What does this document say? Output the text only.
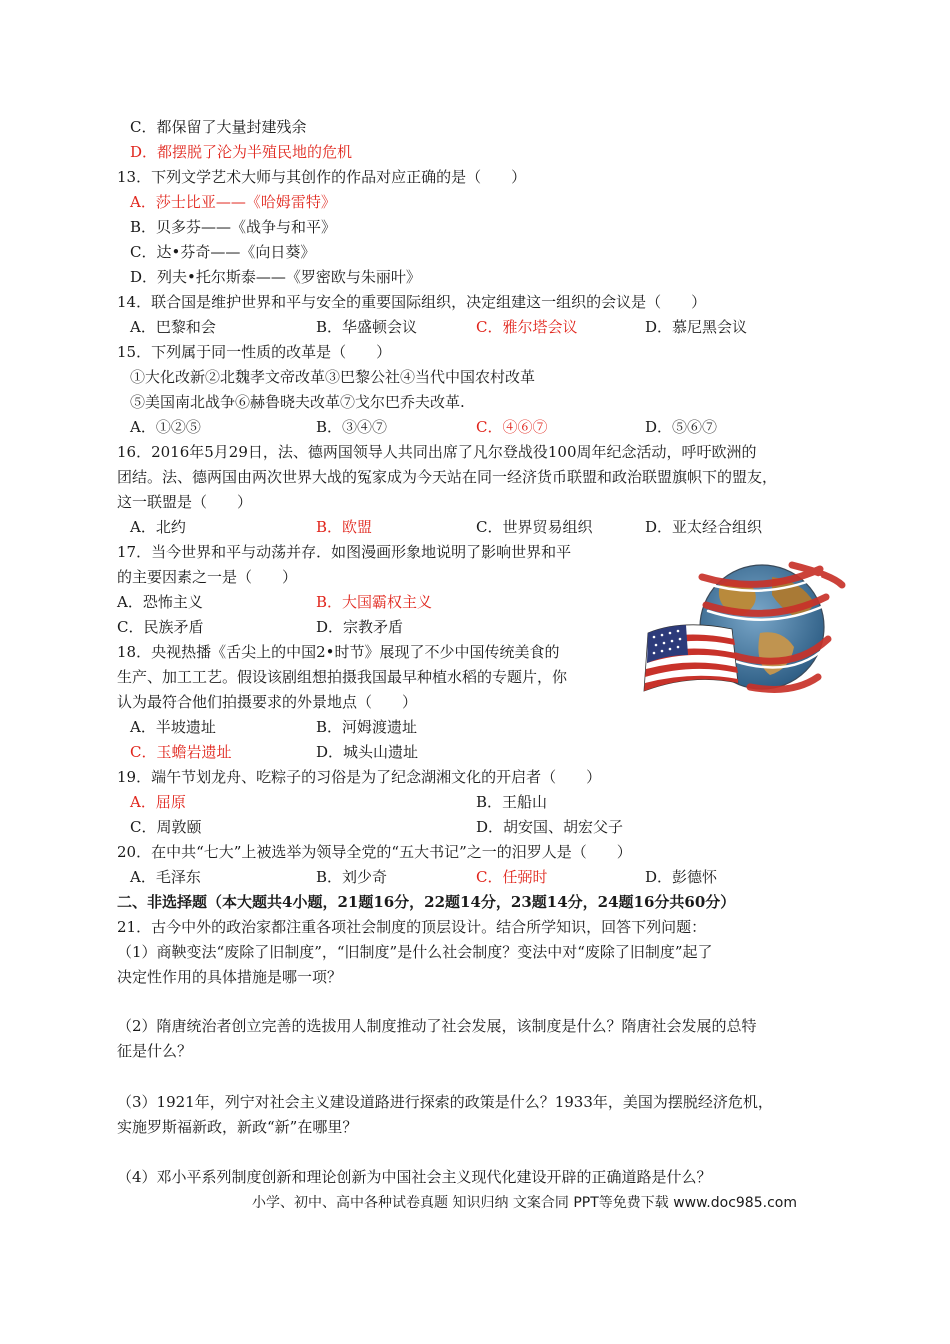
C．都保留了大量封建残余
D．都摆脱了沦为半殖民地的危机
13．下列文学艺术大师与其创作的作品对应正确的是（　　）
A．莎士比亚——《哈姆雷特》
B．贝多芬——《战争与和平》
C．达•芬奇——《向日葵》
D．列夫•托尔斯泰——《罗密欧与朱丽叶》
14．联合国是维护世界和平与安全的重要国际组织，决定组建这一组织的会议是（　　）
A．巴黎和会	B．华盛顿会议	C．雅尔塔会议	D．慕尼黑会议
15．下列属于同一性质的改革是（　　）
①大化改新②北魏孝文帝改革③巴黎公社④当代中国农村改革
⑤美国南北战争⑥赫鲁晓夫改革⑦戈尔巴乔夫改革.
A．①②⑤	B．③④⑦	C．④⑥⑦	D．⑤⑥⑦
16．2016年5月29日，法、德两国领导人共同出席了凡尔登战役100周年纪念活动，呼吁欧洲的
团结。法、德两国由两次世界大战的冤家成为今天站在同一经济货币联盟和政治联盟旗帜下的盟友，
这一联盟是（　　）
A．北约	B．欧盟	C．世界贸易组织	D．亚太经合组织
17．当今世界和平与动荡并存．如图漫画形象地说明了影响世界和平
的主要因素之一是（　　）
A．恐怖主义	B．大国霸权主义
C．民族矛盾	D．宗教矛盾
18．央视热播《舌尖上的中国2•时节》展现了不少中国传统美食的
生产、加工工艺。假设该剧组想拍摄我国最早种植水稻的专题片，你
认为最符合他们拍摄要求的外景地点（　　）
A．半坡遗址	B．河姆渡遗址
C．玉蟾岩遗址	D．城头山遗址
19．端午节划龙舟、吃粽子的习俗是为了纪念湖湘文化的开启者（　　）
A．屈原	B．王船山
C．周敦颐	D．胡安国、胡宏父子
20．在中共“七大”上被选举为领导全党的“五大书记”之一的汨罗人是（　　）
A．毛泽东	B．刘少奇	C．任弼时	D．彭德怀
二、非选择题（本大题共4小题，21题16分，22题14分，23题14分，24题16分共60分）
21．古今中外的政治家都注重各项社会制度的顶层设计。结合所学知识，回答下列问题：
（1）商鞅变法“废除了旧制度”，“旧制度”是什么社会制度？变法中对“废除了旧制度”起了
决定性作用的具体措施是哪一项？
（2）隋唐统治者创立完善的选拔用人制度推动了社会发展，该制度是什么？隋唐社会发展的总特
征是什么？
（3）1921年，列宁对社会主义建设道路进行探索的政策是什么？1933年，美国为摆脱经济危机，
实施罗斯福新政，新政“新”在哪里？
（4）邓小平系列制度创新和理论创新为中国社会主义现代化建设开辟的正确道路是什么？
小学、初中、高中各种试卷真题 知识归纳 文案合同 PPT等免费下载 www.doc985.com
